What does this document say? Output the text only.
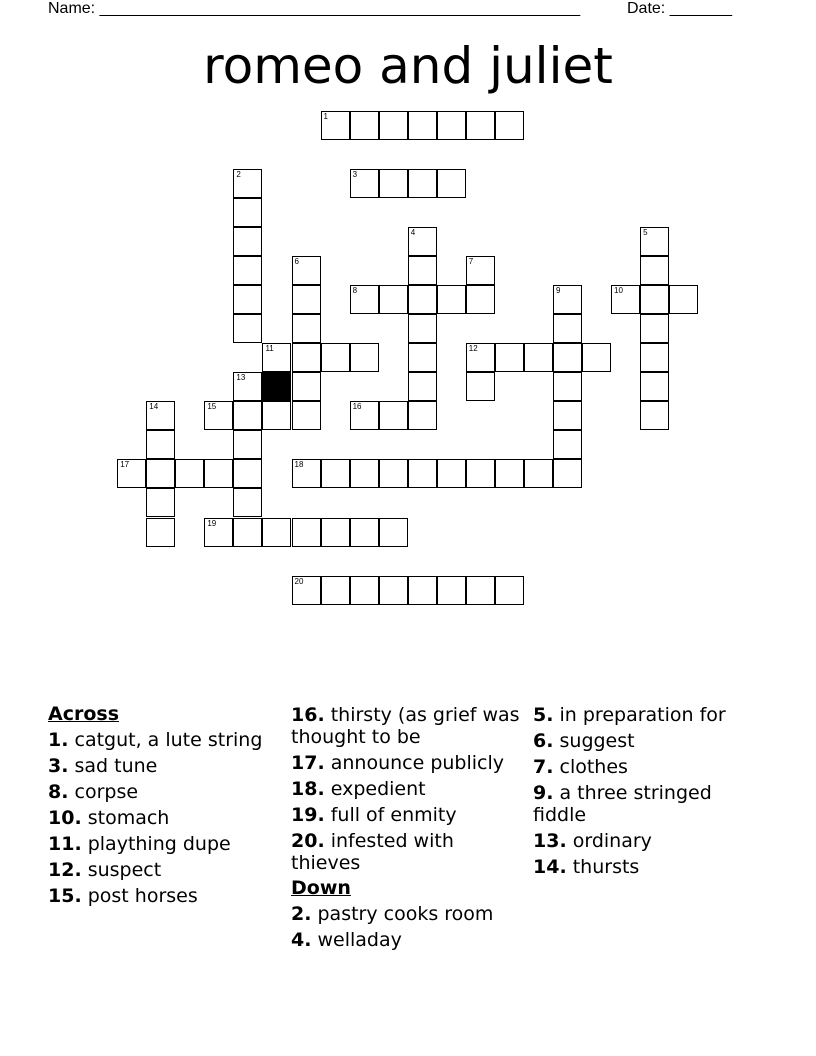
Name: ______________________________________________________	Date: _______
romeo and juliet
1
2	3
4	5
6	7
8	9	10
11	12
13
14	15	16
17	18
19
20
Across
1. catgut, a lute string
3. sad tune
8. corpse
10. stomach
11. plaything dupe
12. suspect
15. post horses
16. thirsty (as grief was thought to be
17. announce publicly
18. expedient
19. full of enmity
20. infested with thieves
Down
2. pastry cooks room
4. welladay
5. in preparation for
6. suggest
7. clothes
9. a three stringed fiddle
13. ordinary
14. thursts
